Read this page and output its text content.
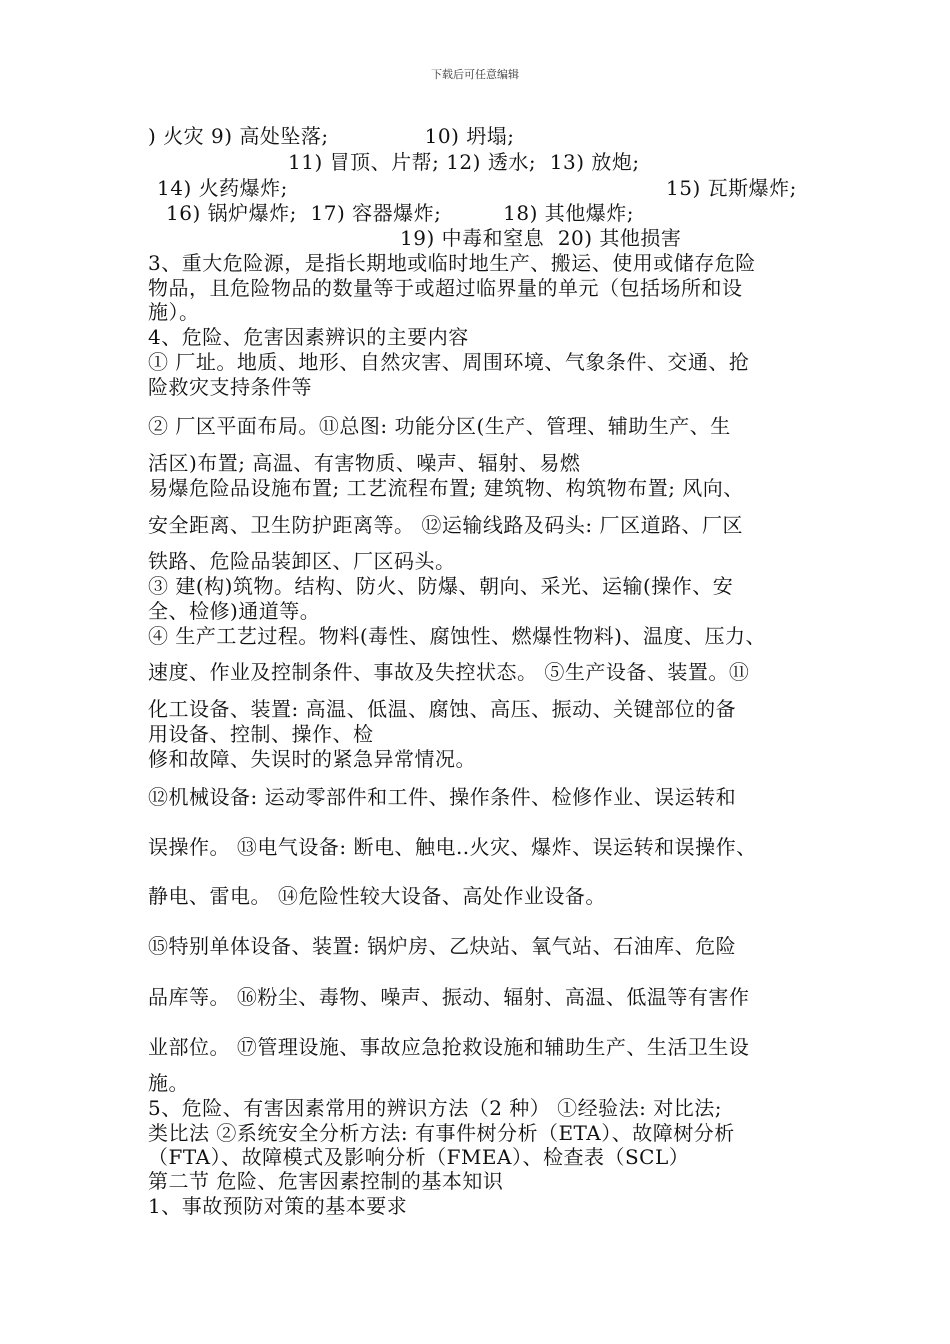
下载后可任意编辑
) 火灾 9) 高处坠落;              10) 坍塌;
11) 冒顶、片帮; 12) 透水;  13) 放炮;
14) 火药爆炸;	15) 瓦斯爆炸;
16) 锅炉爆炸;  17) 容器爆炸;         18) 其他爆炸;
19) 中毒和窒息  20) 其他损害
3、重大危险源，是指长期地或临时地生产、搬运、使用或储存危险
物品，且危险物品的数量等于或超过临界量的单元（包括场所和设
施）。
4、危险、危害因素辨识的主要内容
① 厂址。地质、地形、自然灾害、周围环境、气象条件、交通、抢
险救灾支持条件等
② 厂区平面布局。⑪总图: 功能分区(生产、管理、辅助生产、生
活区)布置; 高温、有害物质、噪声、辐射、易燃
易爆危险品设施布置; 工艺流程布置; 建筑物、构筑物布置; 风向、
安全距离、卫生防护距离等。 ⑫运输线路及码头: 厂区道路、厂区
铁路、危险品装卸区、厂区码头。
③ 建(构)筑物。结构、防火、防爆、朝向、采光、运输(操作、安
全、检修)通道等。
④ 生产工艺过程。物料(毒性、腐蚀性、燃爆性物料)、温度、压力、
速度、作业及控制条件、事故及失控状态。 ⑤生产设备、装置。⑪
化工设备、装置: 高温、低温、腐蚀、高压、振动、关键部位的备
用设备、控制、操作、检
修和故障、失误时的紧急异常情况。
⑫机械设备: 运动零部件和工件、操作条件、检修作业、误运转和
误操作。 ⑬电气设备: 断电、触电..火灾、爆炸、误运转和误操作、
静电、雷电。 ⑭危险性较大设备、高处作业设备。
⑮特别单体设备、装置: 锅炉房、乙炔站、氧气站、石油库、危险
品库等。 ⑯粉尘、毒物、噪声、振动、辐射、高温、低温等有害作
业部位。 ⑰管理设施、事故应急抢救设施和辅助生产、生活卫生设
施。
5、危险、有害因素常用的辨识方法（2 种） ①经验法: 对比法;
类比法 ②系统安全分析方法: 有事件树分析（ETA）、故障树分析
（FTA）、故障模式及影响分析（FMEA）、检查表（SCL）
第二节 危险、危害因素控制的基本知识
1、事故预防对策的基本要求
